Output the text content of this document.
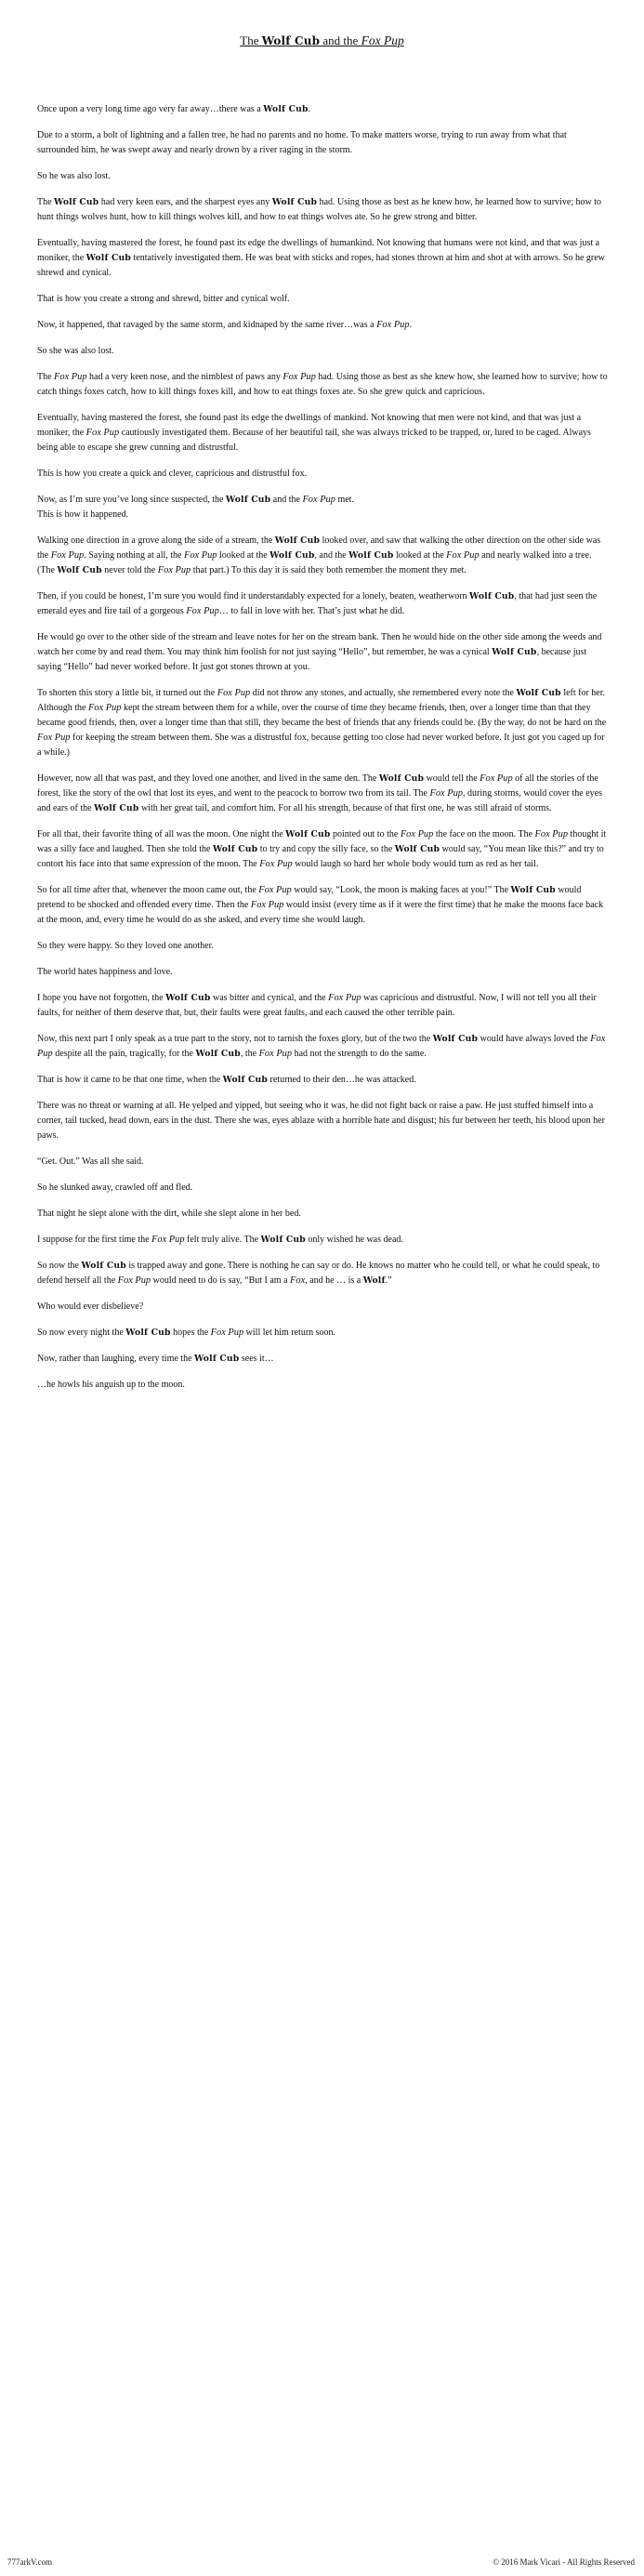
The Wolf Cub and the Fox Pup

Once upon a very long time ago very far away…there was a Wolf Cub.

Due to a storm, a bolt of lightning and a fallen tree, he had no parents and no home. To make matters worse, trying to run away from what that surrounded him, he was swept away and nearly drown by a river raging in the storm.

So he was also lost.

The Wolf Cub had very keen ears, and the sharpest eyes any Wolf Cub had. Using those as best as he knew how, he learned how to survive; how to hunt things wolves hunt, how to kill things wolves kill, and how to eat things wolves ate. So he grew strong and bitter.

Eventually, having mastered the forest, he found past its edge the dwellings of humankind. Not knowing that humans were not kind, and that was just a moniker, the Wolf Cub tentatively investigated them. He was beat with sticks and ropes, had stones thrown at him and shot at with arrows. So he grew shrewd and cynical.

That is how you create a strong and shrewd, bitter and cynical wolf.

Now, it happened, that ravaged by the same storm, and kidnaped by the same river…was a Fox Pup.

So she was also lost.

The Fox Pup had a very keen nose, and the nimblest of paws any Fox Pup had. Using those as best as she knew how, she learned how to survive; how to catch things foxes catch, how to kill things foxes kill, and how to eat things foxes ate. So she grew quick and capricious.

Eventually, having mastered the forest, she found past its edge the dwellings of mankind. Not knowing that men were not kind, and that was just a moniker, the Fox Pup cautiously investigated them. Because of her beautiful tail, she was always tricked to be trapped, or, lured to be caged. Always being able to escape she grew cunning and distrustful.

This is how you create a quick and clever, capricious and distrustful fox.

Now, as I’m sure you’ve long since suspected, the Wolf Cub and the Fox Pup met.
This is how it happened.

Walking one direction in a grove along the side of a stream, the Wolf Cub looked over, and saw that walking the other direction on the other side was the Fox Pup. Saying nothing at all, the Fox Pup looked at the Wolf Cub, and the Wolf Cub looked at the Fox Pup and nearly walked into a tree. (The Wolf Cub never told the Fox Pup that part.) To this day it is said they both remember the moment they met.

Then, if you could be honest, I’m sure you would find it understandably expected for a lonely, beaten, weatherworn Wolf Cub, that had just seen the emerald eyes and fire tail of a gorgeous Fox Pup… to fall in love with her. That’s just what he did.

He would go over to the other side of the stream and leave notes for her on the stream bank. Then he would hide on the other side among the weeds and watch her come by and read them. You may think him foolish for not just saying “Hello”, but remember, he was a cynical Wolf Cub, because just saying “Hello” had never worked before. It just got stones thrown at you.

To shorten this story a little bit, it turned out the Fox Pup did not throw any stones, and actually, she remembered every note the Wolf Cub left for her. Although the Fox Pup kept the stream between them for a while, over the course of time they became friends, then, over a longer time than that they became good friends, then, over a longer time than that still, they became the best of friends that any friends could be. (By the way, do not be hard on the Fox Pup for keeping the stream between them. She was a distrustful fox, because getting too close had never worked before. It just got you caged up for a while.)

However, now all that was past, and they loved one another, and lived in the same den. The Wolf Cub would tell the Fox Pup of all the stories of the forest, like the story of the owl that lost its eyes, and went to the peacock to borrow two from its tail. The Fox Pup, during storms, would cover the eyes and ears of the Wolf Cub with her great tail, and comfort him. For all his strength, because of that first one, he was still afraid of storms.

For all that, their favorite thing of all was the moon. One night the Wolf Cub pointed out to the Fox Pup the face on the moon. The Fox Pup thought it was a silly face and laughed. Then she told the Wolf Cub to try and copy the silly face, so the Wolf Cub would say, “You mean like this?” and try to contort his face into that same expression of the moon. The Fox Pup would laugh so hard her whole body would turn as red as her tail.

So for all time after that, whenever the moon came out, the Fox Pup would say, “Look, the moon is making faces at you!” The Wolf Cub would pretend to be shocked and offended every time. Then the Fox Pup would insist (every time as if it were the first time) that he make the moons face back at the moon, and, every time he would do as she asked, and every time she would laugh.

So they were happy. So they loved one another.

The world hates happiness and love.

I hope you have not forgotten, the Wolf Cub was bitter and cynical, and the Fox Pup was capricious and distrustful. Now, I will not tell you all their faults, for neither of them deserve that, but, their faults were great faults, and each caused the other terrible pain.

Now, this next part I only speak as a true part to the story, not to tarnish the foxes glory, but of the two the Wolf Cub would have always loved the Fox Pup despite all the pain, tragically, for the Wolf Cub, the Fox Pup had not the strength to do the same.

That is how it came to be that one time, when the Wolf Cub returned to their den…he was attacked.

There was no threat or warning at all. He yelped and yipped, but seeing who it was, he did not fight back or raise a paw. He just stuffed himself into a corner, tail tucked, head down, ears in the dust. There she was, eyes ablaze with a horrible hate and disgust; his fur between her teeth, his blood upon her paws.

“Get. Out.” Was all she said.

So he slunked away, crawled off and fled.

That night he slept alone with the dirt, while she slept alone in her bed.

I suppose for the first time the Fox Pup felt truly alive. The Wolf Cub only wished he was dead.

So now the Wolf Cub is trapped away and gone. There is nothing he can say or do. He knows no matter who he could tell, or what he could speak, to defend herself all the Fox Pup would need to do is say, “But I am a Fox, and he … is a Wolf.”

Who would ever disbelieve?

So now every night the Wolf Cub hopes the Fox Pup will let him return soon.

Now, rather than laughing, every time the Wolf Cub sees it…

…he howls his anguish up to the moon.

777arkV.com	© 2016 Mark Vicari - All Rights Reserved
